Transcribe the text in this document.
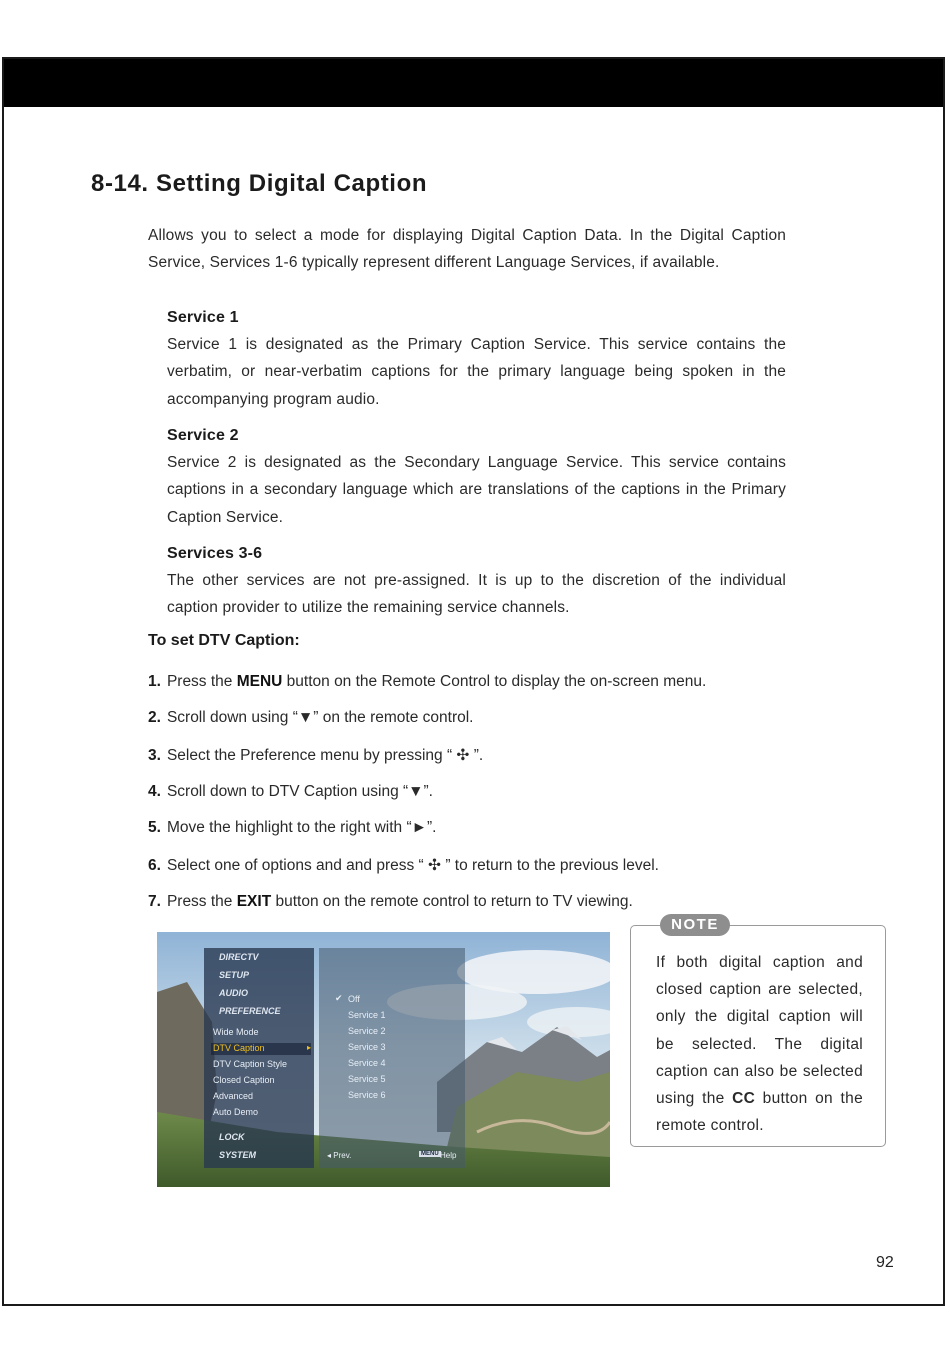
8-14. Setting Digital Caption

Allows you to select a mode for displaying Digital Caption Data. In the Digital Caption Service, Services 1-6 typically represent different Language Services, if available.

Service 1

Service 1 is designated as the Primary Caption Service. This service contains the verbatim, or near-verbatim captions for the primary language being spoken in the accompanying program audio.

Service 2

Service 2 is designated as the Secondary Language Service. This service contains captions in a secondary language which are translations of the captions in the Primary Caption Service.

Services 3-6

The other services are not pre-assigned. It is up to the discretion of the individual caption provider to utilize the remaining service channels.

To set DTV Caption:
1. Press the MENU button on the Remote Control to display the on-screen menu.
2. Scroll down using “▼” on the remote control.
3. Select the Preference menu by pressing “ ✣ ”.
4. Scroll down to DTV Caption using “▼”.
5. Move the highlight to the right with “►”.
6. Select one of options and and press “ ✣ ” to return to the previous level.
7. Press the EXIT button on the remote control to return to TV viewing.
DIRECTV
SETUP
AUDIO
PREFERENCE
Wide Mode
DTV Caption	▸
DTV Caption Style
Closed Caption
Advanced
Auto Demo
LOCK
SYSTEM
✔ Off
Service 1
Service 2
Service 3
Service 4
Service 5
Service 6
◂ Prev.	MENU Help
NOTE
If both digital caption and closed caption are selected, only the digital caption will be selected. The digital caption can also be selected using the CC button on the remote control.
92
